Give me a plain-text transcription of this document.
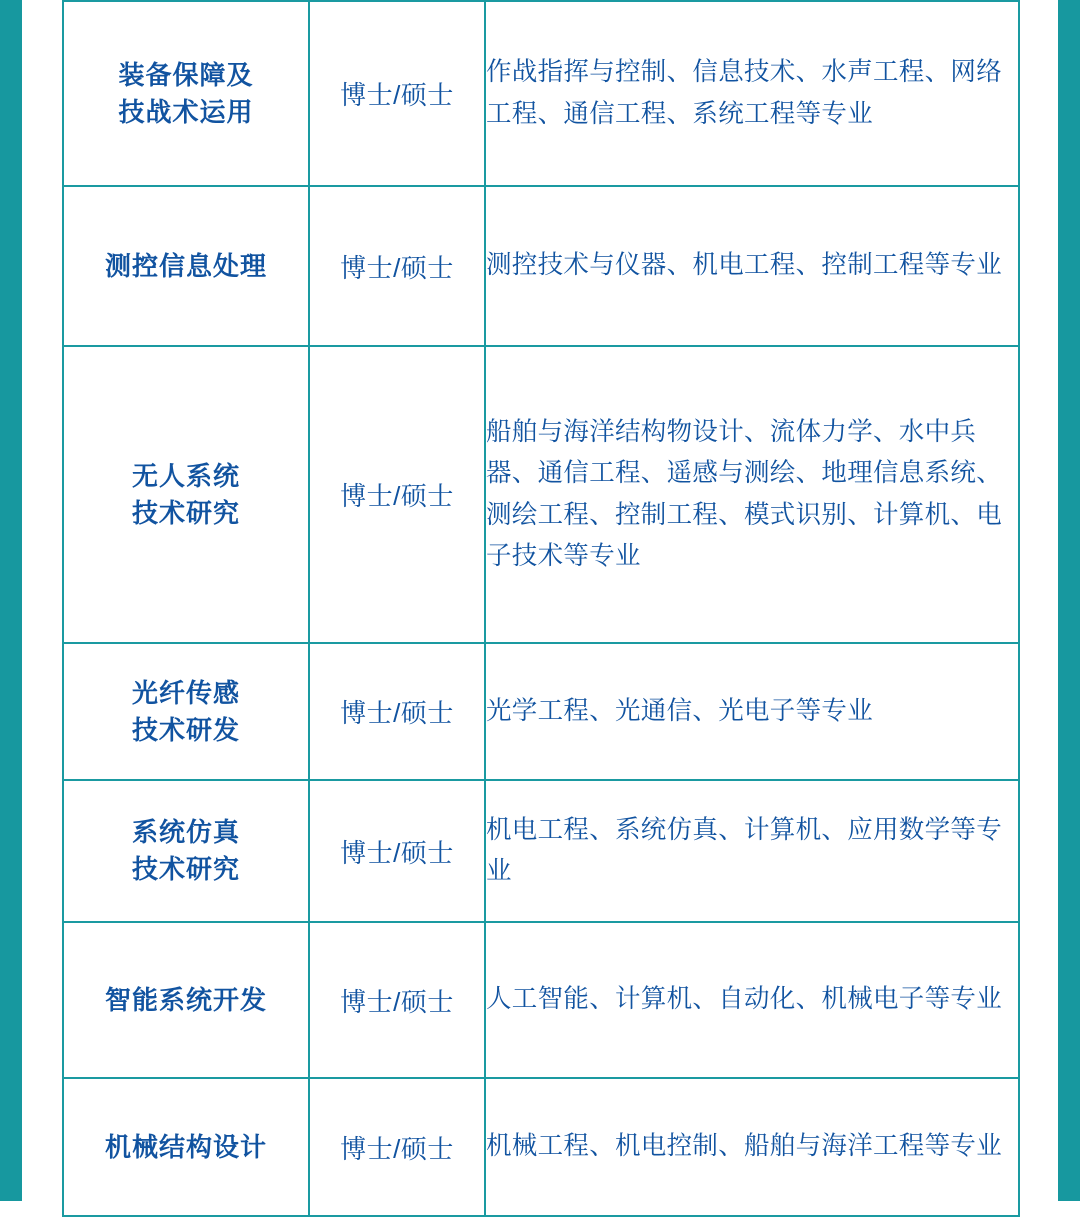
装备保障及
技战术运用	博士/硕士	作战指挥与控制、信息技术、水声工程、网络工程、通信工程、系统工程等专业

测控信息处理	博士/硕士	测控技术与仪器、机电工程、控制工程等专业

无人系统
技术研究	博士/硕士	船舶与海洋结构物设计、流体力学、水中兵器、通信工程、遥感与测绘、地理信息系统、测绘工程、控制工程、模式识别、计算机、电子技术等专业

光纤传感
技术研发	博士/硕士	光学工程、光通信、光电子等专业

系统仿真
技术研究	博士/硕士	机电工程、系统仿真、计算机、应用数学等专业

智能系统开发	博士/硕士	人工智能、计算机、自动化、机械电子等专业

机械结构设计	博士/硕士	机械工程、机电控制、船舶与海洋工程等专业
